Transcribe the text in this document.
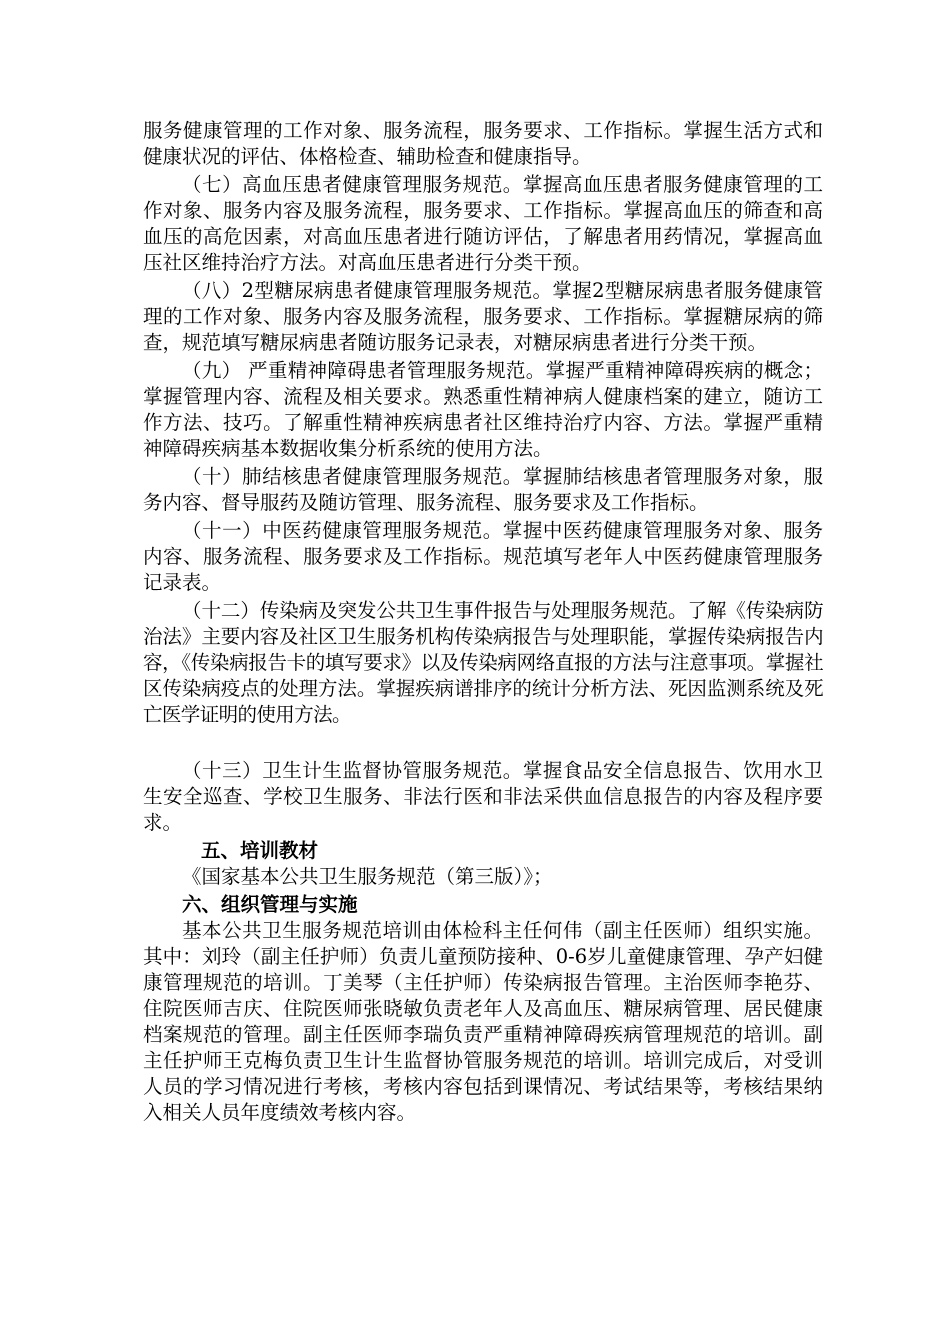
服务健康管理的工作对象、服务流程，服务要求、工作指标。掌握生活方式和健康状况的评估、体格检查、辅助检查和健康指导。

（七）高血压患者健康管理服务规范。掌握高血压患者服务健康管理的工作对象、服务内容及服务流程，服务要求、工作指标。掌握高血压的筛查和高血压的高危因素，对高血压患者进行随访评估，了解患者用药情况，掌握高血压社区维持治疗方法。对高血压患者进行分类干预。

（八）2型糖尿病患者健康管理服务规范。掌握2型糖尿病患者服务健康管理的工作对象、服务内容及服务流程，服务要求、工作指标。掌握糖尿病的筛查，规范填写糖尿病患者随访服务记录表，对糖尿病患者进行分类干预。

（九） 严重精神障碍患者管理服务规范。掌握严重精神障碍疾病的概念；掌握管理内容、流程及相关要求。熟悉重性精神病人健康档案的建立，随访工作方法、技巧。了解重性精神疾病患者社区维持治疗内容、方法。掌握严重精神障碍疾病基本数据收集分析系统的使用方法。

（十）肺结核患者健康管理服务规范。掌握肺结核患者管理服务对象，服务内容、督导服药及随访管理、服务流程、服务要求及工作指标。

（十一）中医药健康管理服务规范。掌握中医药健康管理服务对象、服务内容、服务流程、服务要求及工作指标。规范填写老年人中医药健康管理服务记录表。

（十二）传染病及突发公共卫生事件报告与处理服务规范。了解《传染病防治法》主要内容及社区卫生服务机构传染病报告与处理职能，掌握传染病报告内容，《传染病报告卡的填写要求》以及传染病网络直报的方法与注意事项。掌握社区传染病疫点的处理方法。掌握疾病谱排序的统计分析方法、死因监测系统及死亡医学证明的使用方法。

（十三）卫生计生监督协管服务规范。掌握食品安全信息报告、饮用水卫生安全巡查、学校卫生服务、非法行医和非法采供血信息报告的内容及程序要求。

五、培训教材

《国家基本公共卫生服务规范（第三版）》；

六、组织管理与实施

基本公共卫生服务规范培训由体检科主任何伟（副主任医师）组织实施。其中：刘玲（副主任护师）负责儿童预防接种、0-6岁儿童健康管理、孕产妇健康管理规范的培训。丁美琴（主任护师）传染病报告管理。主治医师李艳芬、住院医师吉庆、住院医师张晓敏负责老年人及高血压、糖尿病管理、居民健康档案规范的管理。副主任医师李瑞负责严重精神障碍疾病管理规范的培训。副主任护师王克梅负责卫生计生监督协管服务规范的培训。培训完成后，对受训人员的学习情况进行考核，考核内容包括到课情况、考试结果等，考核结果纳入相关人员年度绩效考核内容。
